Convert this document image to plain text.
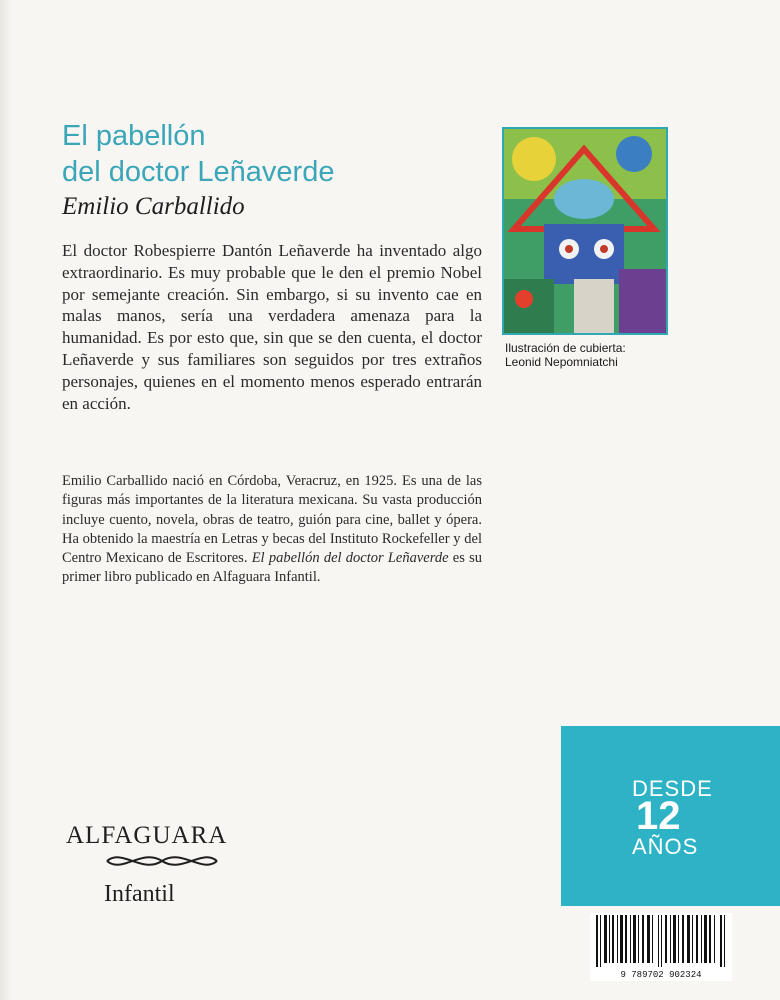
El pabellón
del doctor Leñaverde
Emilio Carballido
El doctor Robespierre Dantón Leñaverde ha inventado algo extraordinario. Es muy probable que le den el premio Nobel por semejante creación. Sin embargo, si su invento cae en malas manos, sería una verdadera amenaza para la humanidad. Es por esto que, sin que se den cuenta, el doctor Leñaverde y sus familiares son seguidos por tres extraños personajes, quienes en el momento menos esperado entrarán en acción.
Emilio Carballido nació en Córdoba, Veracruz, en 1925. Es una de las figuras más importantes de la literatura mexicana. Su vasta producción incluye cuento, novela, obras de teatro, guión para cine, ballet y ópera. Ha obtenido la maestría en Letras y becas del Instituto Rockefeller y del Centro Mexicano de Escritores. El pabellón del doctor Leñaverde es su primer libro publicado en Alfaguara Infantil.
Ilustración de cubierta:
Leonid Nepomniatchi
DESDE
12
AÑOS
ALFAGUARA
Infantil
9 789702 902324
